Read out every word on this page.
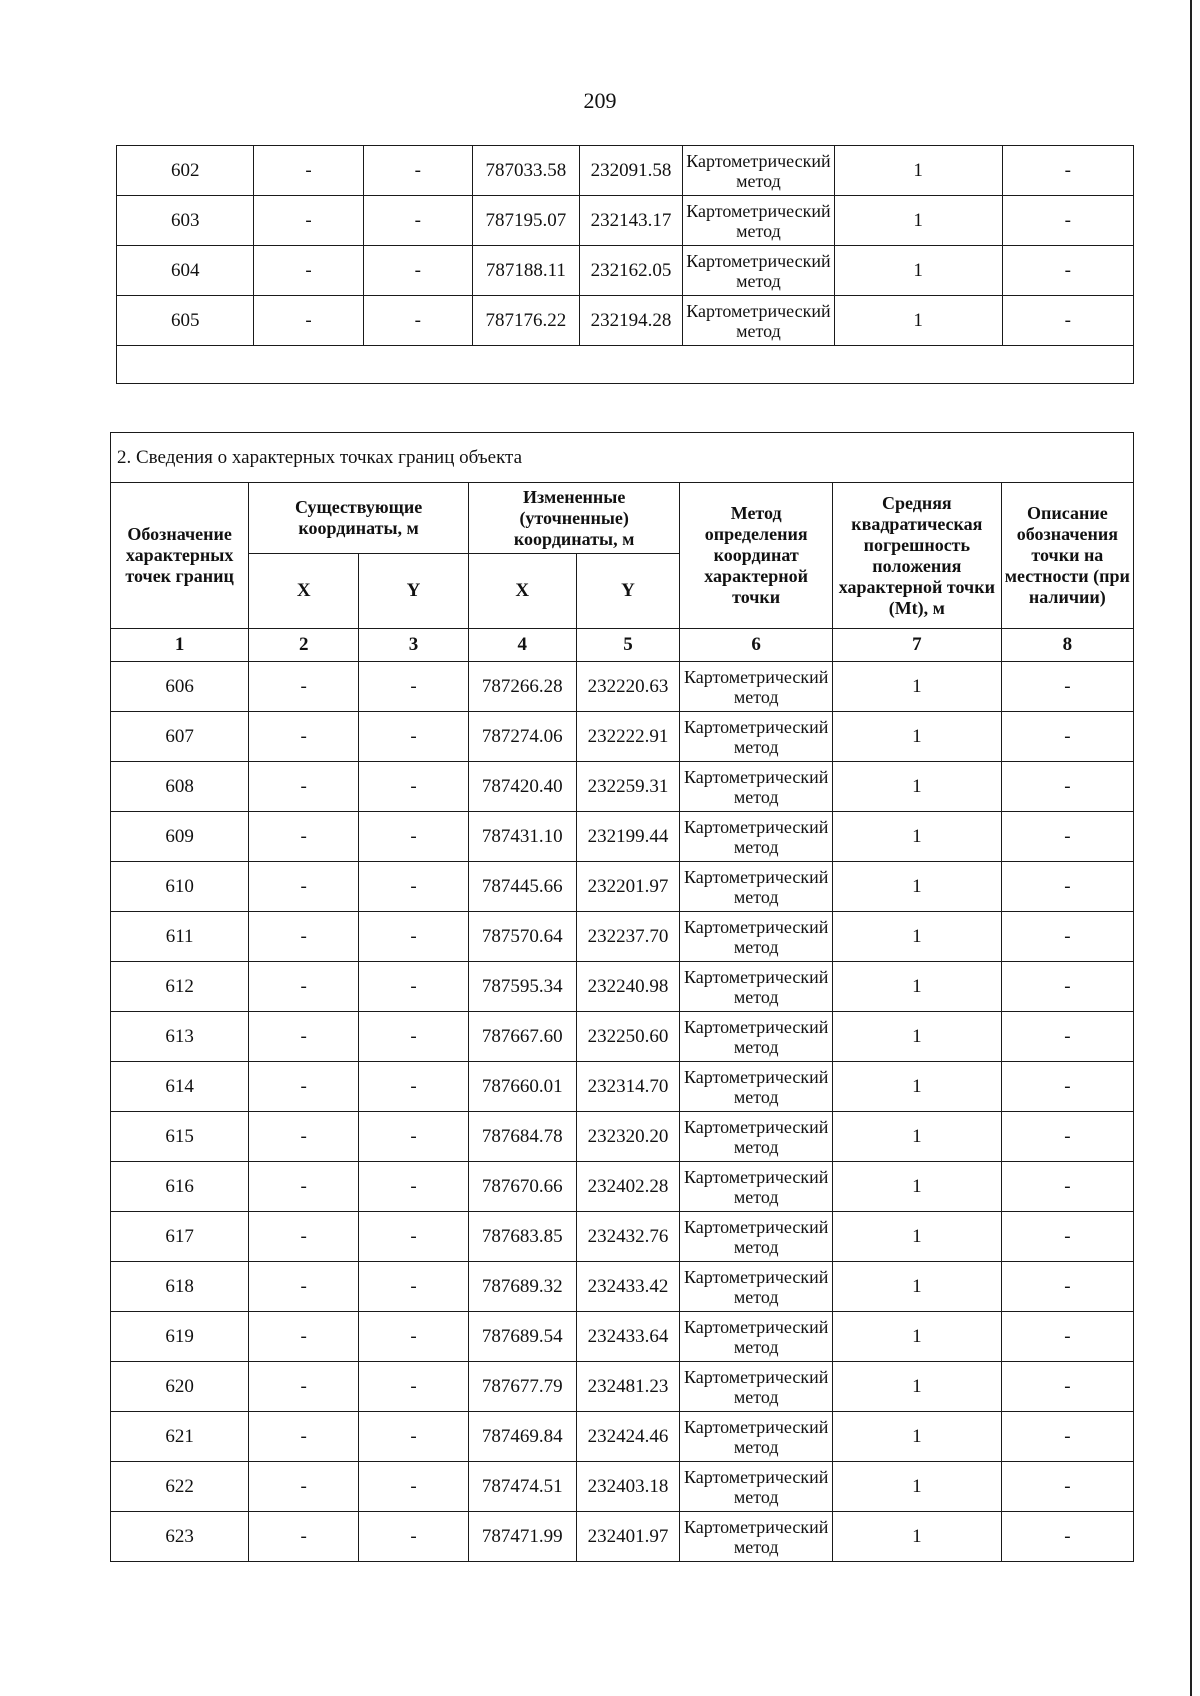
209
602	-	-	787033.58	232091.58	Картометрический метод	1	-
603	-	-	787195.07	232143.17	Картометрический метод	1	-
604	-	-	787188.11	232162.05	Картометрический метод	1	-
605	-	-	787176.22	232194.28	Картометрический метод	1	-

2. Сведения о характерных точках границ объекта							
Обозначение характерных точек границ	Существующие координаты, м		Измененные (уточненные) координаты, м		Метод определения координат характерной точки	Средняя квадратическая погрешность положения характерной точки (Mt), м	Описание обозначения точки на местности (при наличии)
	X	Y	X	Y			
1	2	3	4	5	6	7	8
606	-	-	787266.28	232220.63	Картометрический метод	1	-
607	-	-	787274.06	232222.91	Картометрический метод	1	-
608	-	-	787420.40	232259.31	Картометрический метод	1	-
609	-	-	787431.10	232199.44	Картометрический метод	1	-
610	-	-	787445.66	232201.97	Картометрический метод	1	-
611	-	-	787570.64	232237.70	Картометрический метод	1	-
612	-	-	787595.34	232240.98	Картометрический метод	1	-
613	-	-	787667.60	232250.60	Картометрический метод	1	-
614	-	-	787660.01	232314.70	Картометрический метод	1	-
615	-	-	787684.78	232320.20	Картометрический метод	1	-
616	-	-	787670.66	232402.28	Картометрический метод	1	-
617	-	-	787683.85	232432.76	Картометрический метод	1	-
618	-	-	787689.32	232433.42	Картометрический метод	1	-
619	-	-	787689.54	232433.64	Картометрический метод	1	-
620	-	-	787677.79	232481.23	Картометрический метод	1	-
621	-	-	787469.84	232424.46	Картометрический метод	1	-
622	-	-	787474.51	232403.18	Картометрический метод	1	-
623	-	-	787471.99	232401.97	Картометрический метод	1	-
